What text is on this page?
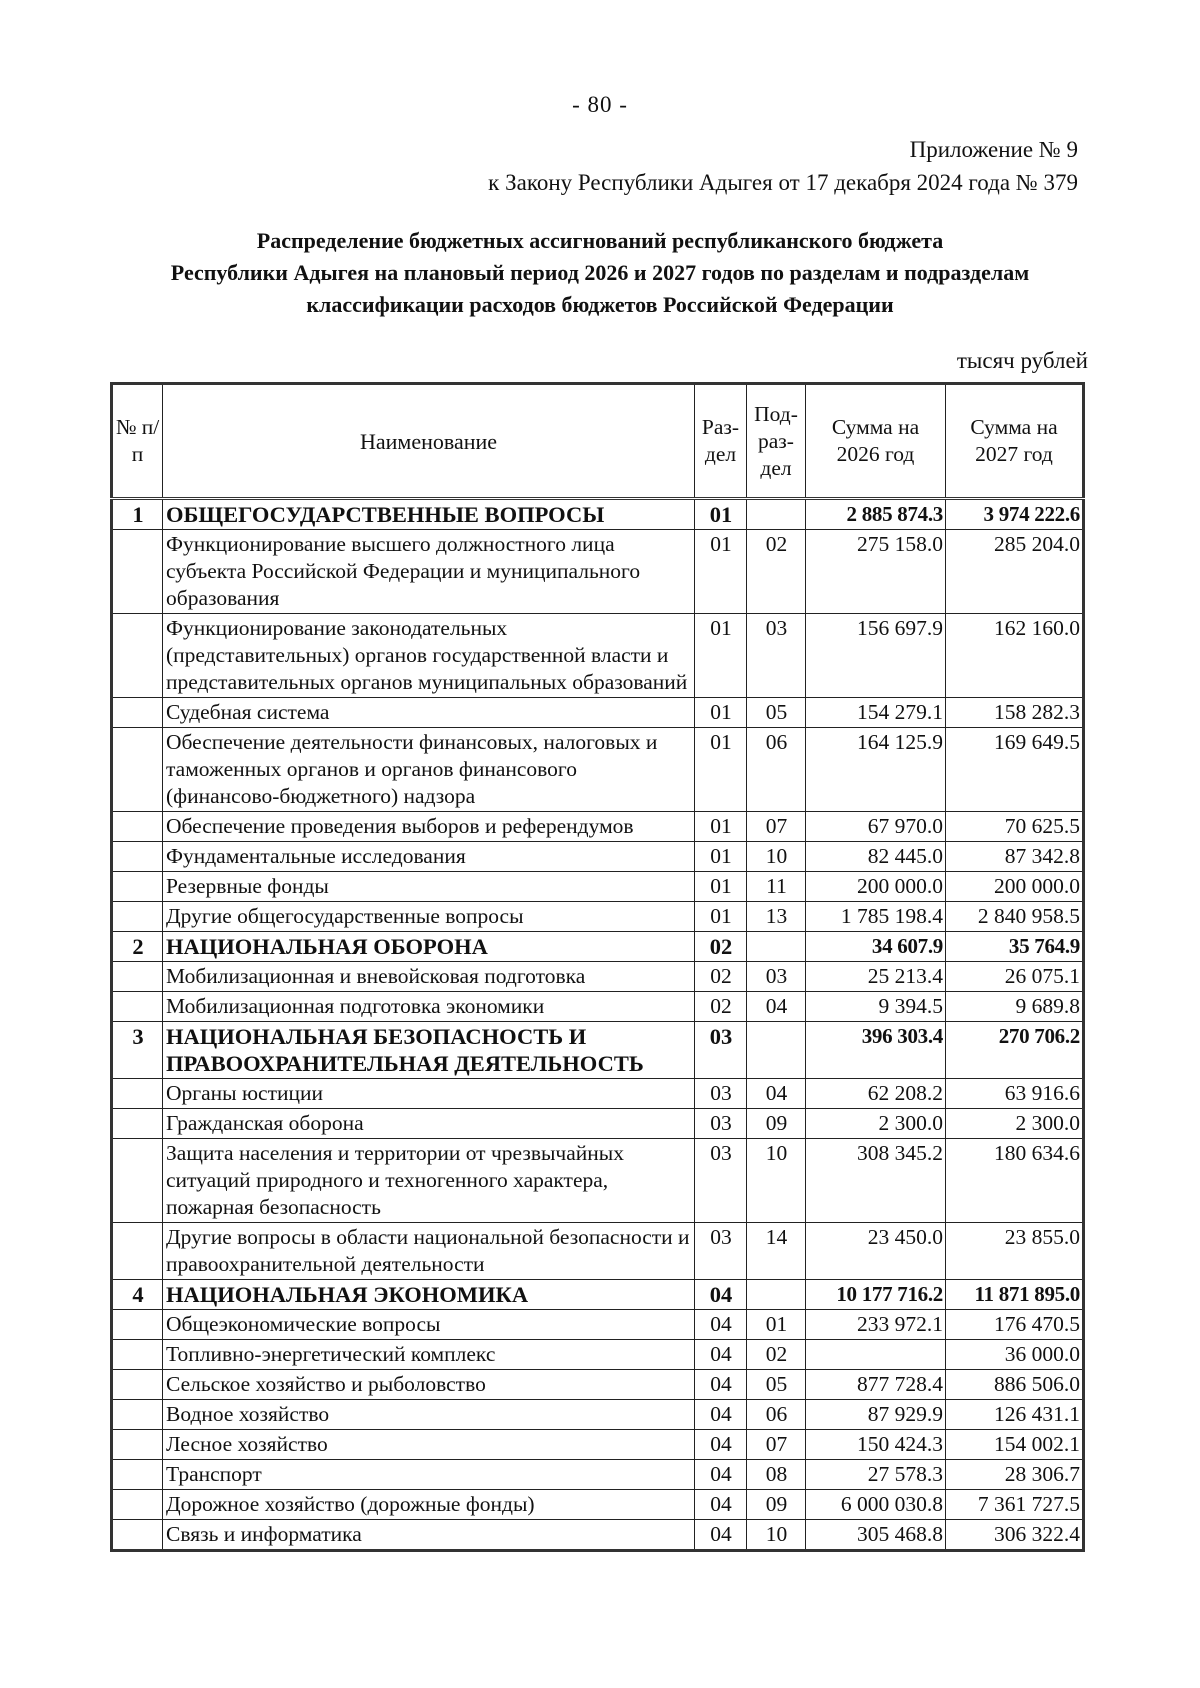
- 80 -
Приложение № 9
к Закону Республики Адыгея от 17 декабря 2024 года № 379
Распределение бюджетных ассигнований республиканского бюджета
Республики Адыгея на плановый период 2026 и 2027 годов по разделам и подразделам
классификации расходов бюджетов Российской Федерации
тысяч рублей
№ п/п	Наименование	Раз- дел	Под- раз- дел	Сумма на 2026 год	Сумма на 2027 год
1	ОБЩЕГОСУДАРСТВЕННЫЕ ВОПРОСЫ	01		2 885 874.3	3 974 222.6
	Функционирование высшего должностного лица субъекта Российской Федерации и муниципального образования	01	02	275 158.0	285 204.0
	Функционирование законодательных (представительных) органов государственной власти и представительных органов муниципальных образований	01	03	156 697.9	162 160.0
	Судебная система	01	05	154 279.1	158 282.3
	Обеспечение деятельности финансовых, налоговых и таможенных органов и органов финансового (финансово-бюджетного) надзора	01	06	164 125.9	169 649.5
	Обеспечение проведения выборов и референдумов	01	07	67 970.0	70 625.5
	Фундаментальные исследования	01	10	82 445.0	87 342.8
	Резервные фонды	01	11	200 000.0	200 000.0
	Другие общегосударственные вопросы	01	13	1 785 198.4	2 840 958.5
2	НАЦИОНАЛЬНАЯ ОБОРОНА	02		34 607.9	35 764.9
	Мобилизационная и вневойсковая подготовка	02	03	25 213.4	26 075.1
	Мобилизационная подготовка экономики	02	04	9 394.5	9 689.8
3	НАЦИОНАЛЬНАЯ БЕЗОПАСНОСТЬ И ПРАВООХРАНИТЕЛЬНАЯ ДЕЯТЕЛЬНОСТЬ	03		396 303.4	270 706.2
	Органы юстиции	03	04	62 208.2	63 916.6
	Гражданская оборона	03	09	2 300.0	2 300.0
	Защита населения и территории от чрезвычайных ситуаций природного и техногенного характера, пожарная безопасность	03	10	308 345.2	180 634.6
	Другие вопросы в области национальной безопасности и правоохранительной деятельности	03	14	23 450.0	23 855.0
4	НАЦИОНАЛЬНАЯ ЭКОНОМИКА	04		10 177 716.2	11 871 895.0
	Общеэкономические вопросы	04	01	233 972.1	176 470.5
	Топливно-энергетический комплекс	04	02		36 000.0
	Сельское хозяйство и рыболовство	04	05	877 728.4	886 506.0
	Водное хозяйство	04	06	87 929.9	126 431.1
	Лесное хозяйство	04	07	150 424.3	154 002.1
	Транспорт	04	08	27 578.3	28 306.7
	Дорожное хозяйство (дорожные фонды)	04	09	6 000 030.8	7 361 727.5
	Связь и информатика	04	10	305 468.8	306 322.4
